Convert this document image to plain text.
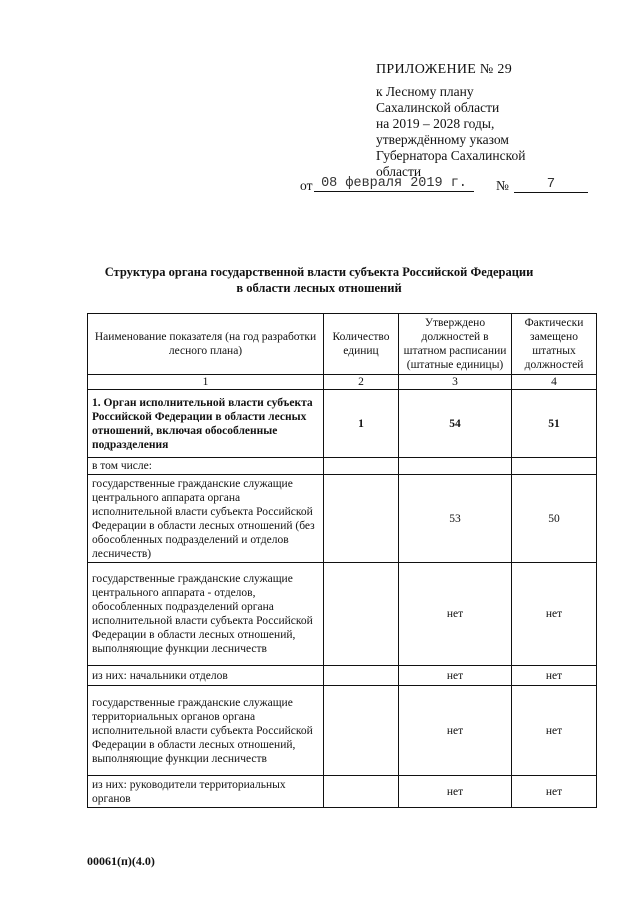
ПРИЛОЖЕНИЕ № 29
к Лесному плану
Сахалинской области
на 2019 – 2028 годы,
утверждённому указом
Губернатора Сахалинской
области
от 08 февраля 2019 г.	№	7
Структура органа государственной власти субъекта Российской Федерации
в области лесных отношений
Наименование показателя (на год разработки лесного плана)	Количество единиц	Утверждено должностей в штатном расписании (штатные единицы)	Фактически замещено штатных должностей
1	2	3	4
1. Орган исполнительной власти субъекта Российской Федерации в области лесных отношений, включая обособленные подразделения	1	54	51
в том числе:			
государственные гражданские служащие центрального аппарата органа исполнительной власти субъекта Российской Федерации в области лесных отношений (без обособленных подразделений и отделов лесничеств)		53	50
государственные гражданские служащие центрального аппарата - отделов, обособленных подразделений органа исполнительной власти субъекта Российской Федерации в области лесных отношений, выполняющие функции лесничеств		нет	нет
из них: начальники отделов		нет	нет
государственные гражданские служащие территориальных органов органа исполнительной власти субъекта Российской Федерации в области лесных отношений, выполняющие функции лесничеств		нет	нет
из них: руководители территориальных органов		нет	нет
00061(п)(4.0)
